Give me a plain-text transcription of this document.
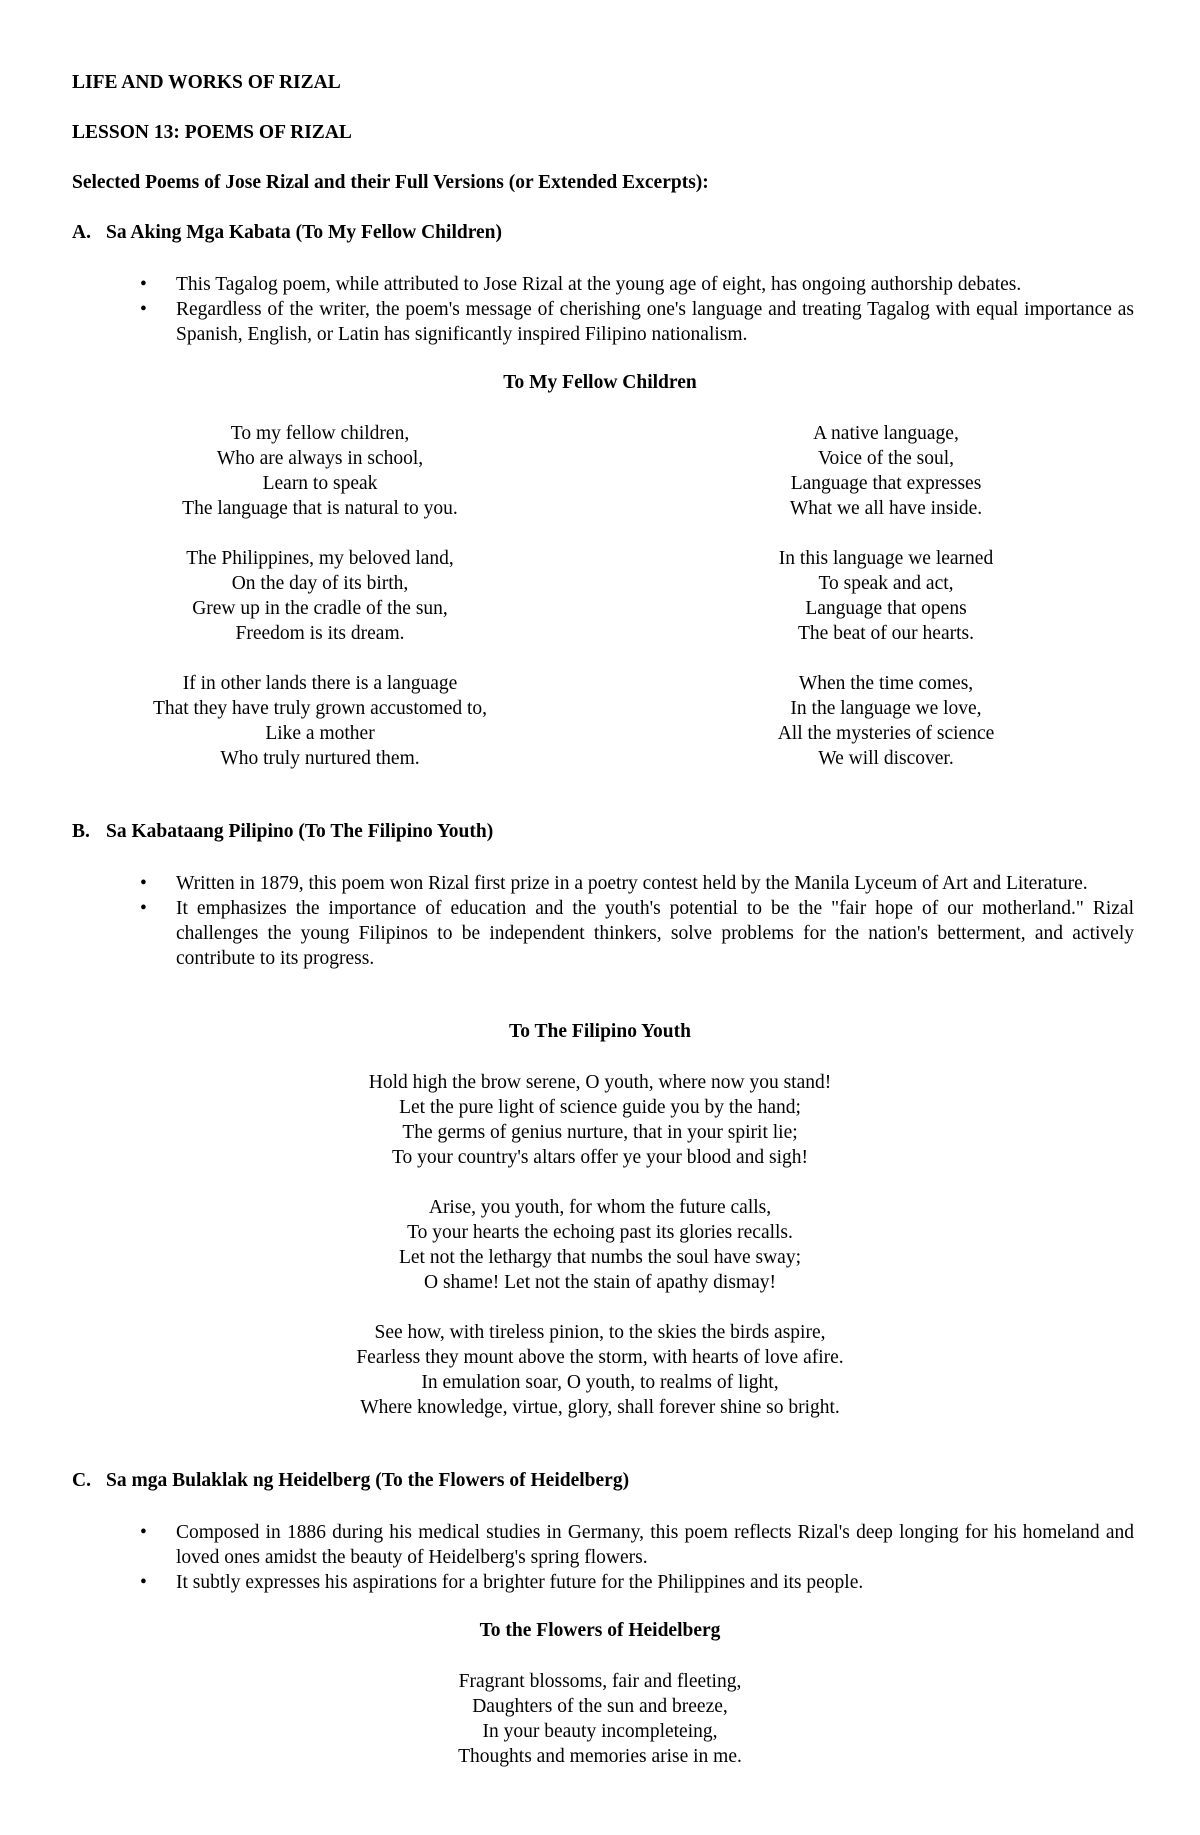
LIFE AND WORKS OF RIZAL
LESSON 13: POEMS OF RIZAL
Selected Poems of Jose Rizal and their Full Versions (or Extended Excerpts):
A. Sa Aking Mga Kabata (To My Fellow Children)
• This Tagalog poem, while attributed to Jose Rizal at the young age of eight, has ongoing authorship debates.
• Regardless of the writer, the poem's message of cherishing one's language and treating Tagalog with equal importance as Spanish, English, or Latin has significantly inspired Filipino nationalism.
To My Fellow Children
To my fellow children,
Who are always in school,
Learn to speak
The language that is natural to you.
The Philippines, my beloved land,
On the day of its birth,
Grew up in the cradle of the sun,
Freedom is its dream.
If in other lands there is a language
That they have truly grown accustomed to,
Like a mother
Who truly nurtured them.
A native language,
Voice of the soul,
Language that expresses
What we all have inside.
In this language we learned
To speak and act,
Language that opens
The beat of our hearts.
When the time comes,
In the language we love,
All the mysteries of science
We will discover.
B. Sa Kabataang Pilipino (To The Filipino Youth)
• Written in 1879, this poem won Rizal first prize in a poetry contest held by the Manila Lyceum of Art and Literature.
• It emphasizes the importance of education and the youth's potential to be the "fair hope of our motherland." Rizal challenges the young Filipinos to be independent thinkers, solve problems for the nation's betterment, and actively contribute to its progress.
To The Filipino Youth
Hold high the brow serene, O youth, where now you stand!
Let the pure light of science guide you by the hand;
The germs of genius nurture, that in your spirit lie;
To your country's altars offer ye your blood and sigh!
Arise, you youth, for whom the future calls,
To your hearts the echoing past its glories recalls.
Let not the lethargy that numbs the soul have sway;
O shame! Let not the stain of apathy dismay!
See how, with tireless pinion, to the skies the birds aspire,
Fearless they mount above the storm, with hearts of love afire.
In emulation soar, O youth, to realms of light,
Where knowledge, virtue, glory, shall forever shine so bright.
C. Sa mga Bulaklak ng Heidelberg (To the Flowers of Heidelberg)
• Composed in 1886 during his medical studies in Germany, this poem reflects Rizal's deep longing for his homeland and loved ones amidst the beauty of Heidelberg's spring flowers.
• It subtly expresses his aspirations for a brighter future for the Philippines and its people.
To the Flowers of Heidelberg
Fragrant blossoms, fair and fleeting,
Daughters of the sun and breeze,
In your beauty incompleteing,
Thoughts and memories arise in me.
